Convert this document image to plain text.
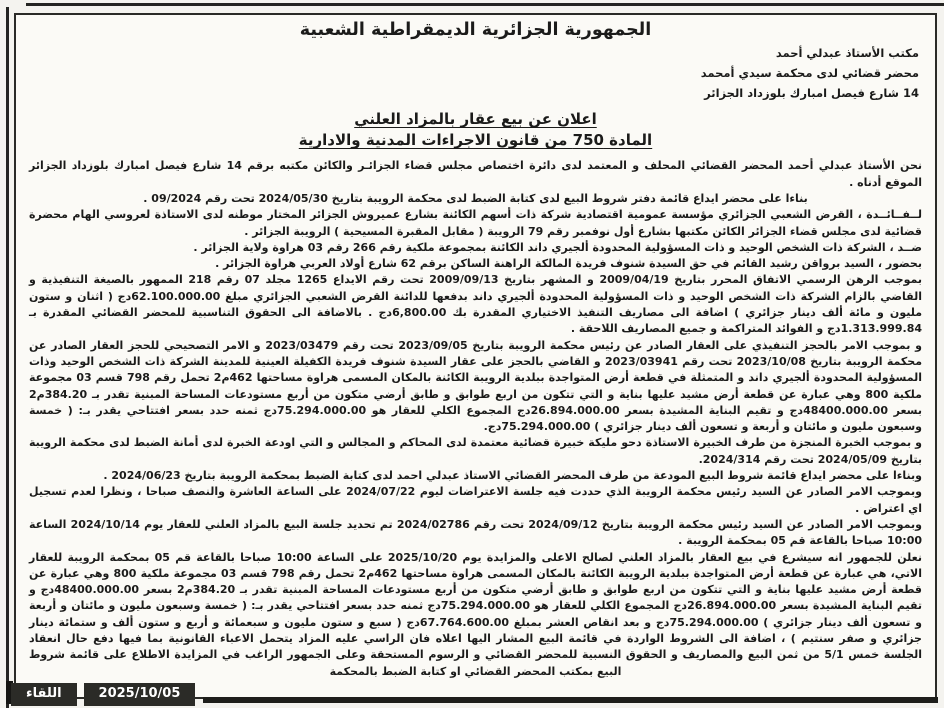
الجمهورية الجزائرية الديمقراطية الشعبية
مكتب الأستاذ عبدلي أحمد
محضر قضائي لدى محكمة سيدي أمحمد
14 شارع فيصل امبارك بلوزداد الجزائر
اعلان عن بيع عقار بالمزاد العلني
المادة 750 من قانون الاجراءات المدنية والادارية

نحن الأستاذ عبدلي أحمد المحضر القضائي المحلف و المعتمد لدى دائرة اختصاص مجلس قضاء الجزائـر والكائن مكتبه برقم 14 شارع فيصل امبارك بلوزداد الجزائر الموقع أدناه .

بناءا على محضر ايداع قائمة دفتر شروط البيع لدى كتابة الضبط لدى محكمة الرويبة بتاريخ 2024/05/30 تحت رقم 09/2024 .

لــفــائــدة ، القرض الشعبي الجزائري مؤسسة عمومية اقتصادية شركة ذات أسهم الكائنة بشارع عميروش الجزائر المختار موطنه لدى الاستاذة لعروسي الهام محضرة قضائية لدى مجلس قضاء الجزائر الكائن مكتبها بشارع أول نوفمبر رقم 79 الرويبة ( مقابل المقبرة المسيحية ) الرويبة الجزائر .

ضــد ، الشركة ذات الشخص الوحيد و ذات المسؤولية المحدودة ألجيري داند الكائنة بمجموعة ملكية رقم 266 رقم 03 هراوة ولاية الجزائر .

بحضور ، السيد برواقن رشيد القائم في حق السيدة شنوف فريدة المالكة الراهنة الساكن برقم 62 شارع أولاد العربي هراوة الجزائر .

بموجب الرهن الرسمي الاتفاق المحرر بتاريخ 2009/04/19 و المشهر بتاريخ 2009/09/13 تحت رقم الايداع 1265 مجلد 07 رقم 218 الممهور بالصيغة التنفيذية و القاضي بالزام الشركة ذات الشخص الوحيد و ذات المسؤولية المحدودة ألجيري داند بدفعها للدائنة القرض الشعبي الجزائري مبلغ 62.100.000.00دج ( اثنان و ستون مليون و مائة ألف دينار جزائري ) اضافة الى مصاريف التنفيذ الاختياري المقدرة بك 6,800.00دج . بالاضافة الى الحقوق التناسبية للمحضر القضائي المقدرة بـ 1.313.999.84دج و الفوائد المتراكمة و جميع المصاريف اللاحقة .

و بموجب الامر بالحجز التنفيذي على العقار الصادر عن رئيس محكمة الرويبة بتاريخ 2023/09/05 تحت رقم 2023/03479 و الامر التصحيحي للحجز العقار الصادر عن محكمة الرويبة بتاريخ 2023/10/08 تحت رقم 2023/03941 و القاضي بالحجز على عقار السيدة شنوف فريدة الكفيلة العينية للمدينة الشركة ذات الشخص الوحيد وذات المسؤولية المحدودة ألجيري داند و المتمثلة في قطعة أرض المتواجدة ببلدية الرويبة الكائنة بالمكان المسمى هراوة مساحتها 462م2 تحمل رقم 798 قسم 03 مجموعة ملكية 800 وهي عبارة عن قطعة أرض مشيد عليها بناية و التي تتكون من اربع طوابق و طابق أرضي متكون من أربع مستودعات المساحة المبنية تقدر بـ 384.20م2 بسعر 48400.000.00دج و تقيم البناية المشيدة بسعر 26.894.000.00دج المجموع الكلي للعقار هو 75.294.000.00دج ثمنه حدد بسعر افتتاحي يقدر بـ: ( خمسة وسبعون مليون و مائتان و أربعة و تسعون ألف دينار جزائري ) 75.294.000.00دج.

و بموجب الخبرة المنجزة من طرف الخبيرة الاستاذة دحو مليكة خبيرة قضائية معتمدة لدى المحاكم و المجالس و التي اودعة الخبرة لدى أمانة الضبط لدى محكمة الرويبة بتاريخ 2024/05/09 تحت رقم 2024/314.

وبناءا على محضر ايداع قائمة شروط البيع المودعة من طرف المحضر القضائي الاستاذ عبدلي احمد لدى كتابة الضبط بمحكمة الرويبة بتاريخ 2024/06/23 .

وبموجب الامر الصادر عن السيد رئيس محكمة الرويبة الذي حددت فيه جلسة الاعتراضات ليوم 2024/07/22 على الساعة العاشرة والنصف صباحا ، ونظرا لعدم تسجيل اي اعتراض .

وبموجب الامر الصادر عن السيد رئيس محكمة الرويبة بتاريخ 2024/09/12 تحت رقم 2024/02786 تم تحديد جلسة البيع بالمزاد العلني للعقار يوم 2024/10/14 الساعة 10:00 صباحا بالقاعة قم 05 بمحكمة الرويبة .

نعلن للجمهور انه سيشرع في بيع العقار بالمزاد العلني لصالح الاعلى والمزايدة يوم 2025/10/20 على الساعة 10:00 صباحا بالقاعة قم 05 بمحكمة الرويبة للعقار الاتي، هي عبارة عن قطعة أرض المتواجدة ببلدية الرويبة الكائنة بالمكان المسمى هراوة مساحتها 462م2 تحمل رقم 798 قسم 03 مجموعة ملكية 800 وهي عبارة عن قطعة أرض مشيد عليها بناية و التي تتكون من اربع طوابق و طابق أرضي متكون من أربع مستودعات المساحة المبنية تقدر بـ 384.20م2 بسعر 48400.000.00دج و تقيم البناية المشيدة بسعر 26.894.000.00دج المجموع الكلي للعقار هو 75.294.000.00دج ثمنه حدد بسعر افتتاحي يقدر بـ: ( خمسة وسبعون مليون و مائتان و أربعة و تسعون ألف دينار جزائري ) 75.294.000.00دج و بعد انقاص العشر بمبلغ 67.764.600.00دج ( سبع و ستون مليون و سبعمائة و أربع و ستون ألف و ستمائة دينار جزائري و صفر سنتيم ) ، اضافة الى الشروط الواردة في قائمة البيع المشار اليها اعلاه فان الراسي عليه المزاد يتحمل الاعباء القانونية بما فيها دفع حال انعقاد الجلسة خمس 5/1 من ثمن البيع والمصاريف و الحقوق النسبية للمحضر القضائي و الرسوم المستحقة وعلى الجمهور الراغب في المزايدة الاطلاع على قائمة شروط البيع بمكتب المحضر القضائي او كتابة الضبط بالمحكمة

اللقاء	2025/10/05
